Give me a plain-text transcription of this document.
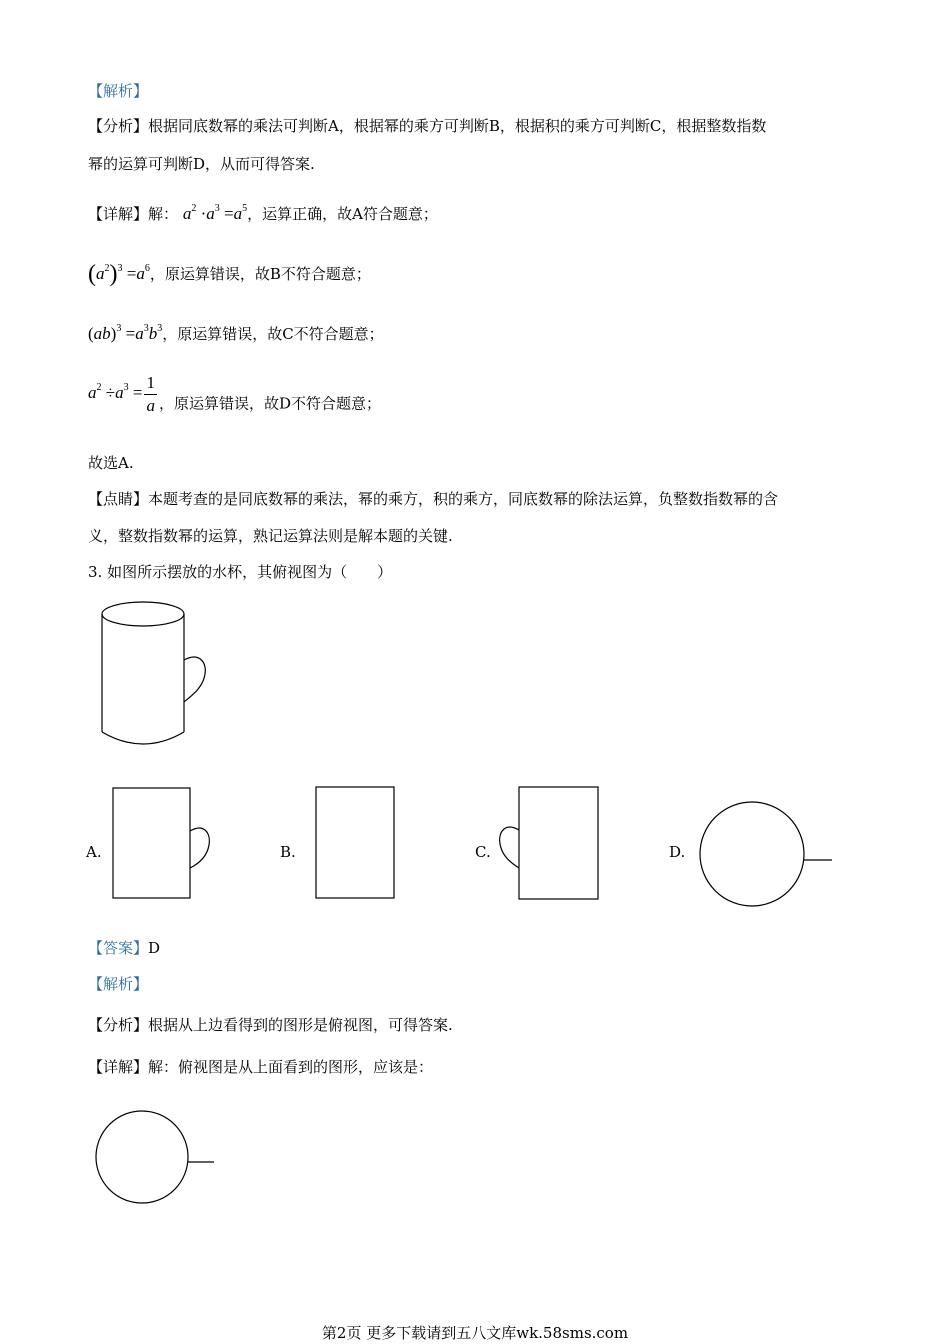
【解析】
【分析】根据同底数幂的乘法可判断A，根据幂的乘方可判断B，根据积的乘方可判断C，根据整数指数
幂的运算可判断D，从而可得答案.
【详解】解： $a^2 \cdot a^3 =a^5$，运算正确，故A符合题意；
$(a^2)^3 =a^6$，原运算错误，故B不符合题意；
$(ab)^3 =a^3b^3$，原运算错误，故C不符合题意；
$a^2 \div a^3 = \frac{1}{a}$ ，原运算错误，故D不符合题意；
故选A.
【点睛】本题考查的是同底数幂的乘法，幂的乘方，积的乘方，同底数幂的除法运算，负整数指数幂的含
义，整数指数幂的运算，熟记运算法则是解本题的关键.
3. 如图所示摆放的水杯，其俯视图为（　　）
A.	B.	C.	D.
【答案】D
【解析】
【分析】根据从上边看得到的图形是俯视图，可得答案.
【详解】解：俯视图是从上面看到的图形，应该是：
第2页 更多下载请到五八文库wk.58sms.com
